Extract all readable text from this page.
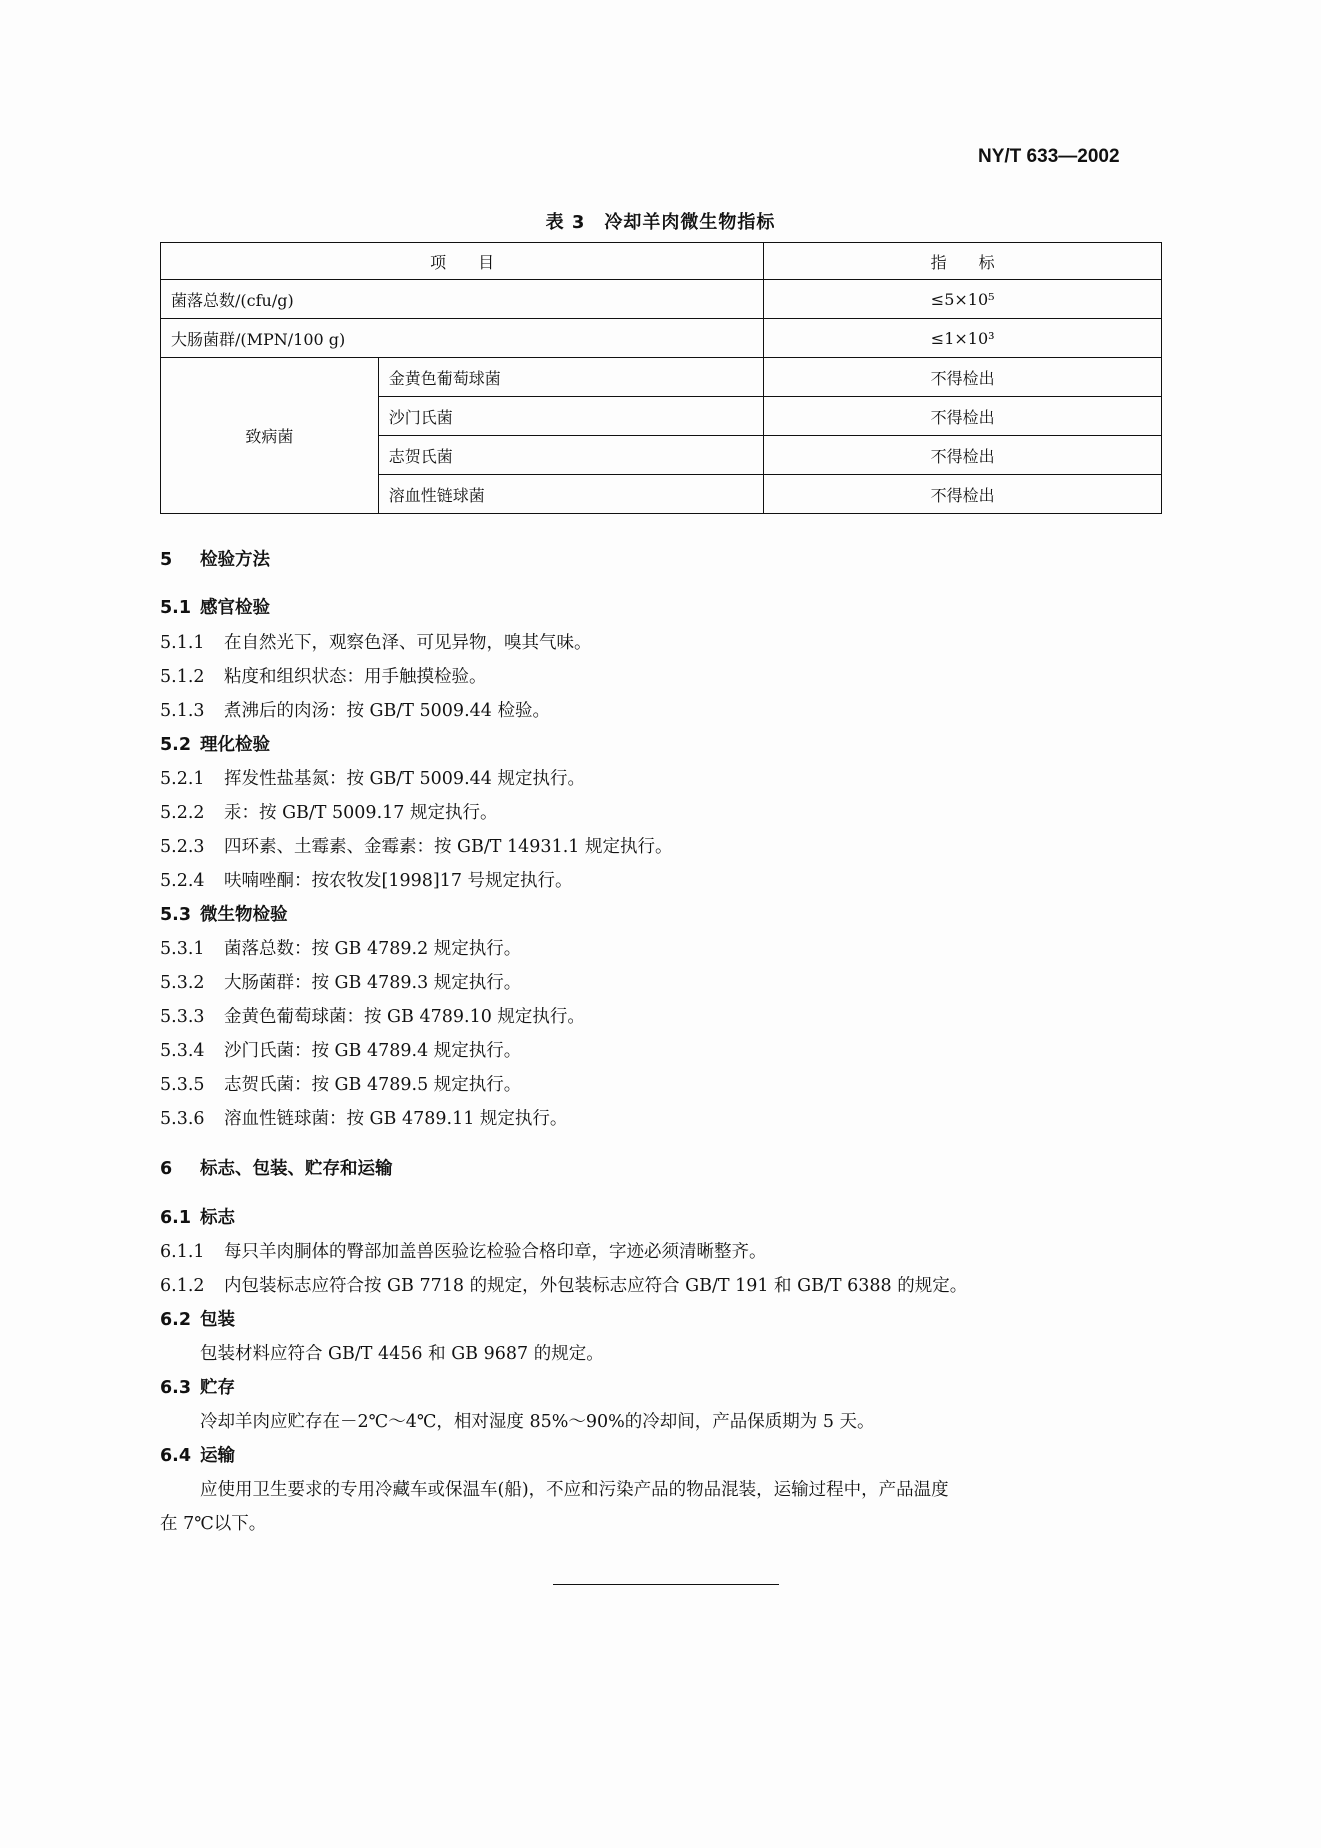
NY/T 633—2002
表 3　冷却羊肉微生物指标
项　　目		指　　标
菌落总数/(cfu/g)		≤5×10⁵
大肠菌群/(MPN/100 g)		≤1×10³
致病菌	金黄色葡萄球菌	不得检出
	沙门氏菌	不得检出
	志贺氏菌	不得检出
	溶血性链球菌	不得检出
5 检验方法
5.1 感官检验
5.1.1 在自然光下，观察色泽、可见异物，嗅其气味。
5.1.2 粘度和组织状态：用手触摸检验。
5.1.3 煮沸后的肉汤：按 GB/T 5009.44 检验。
5.2 理化检验
5.2.1 挥发性盐基氮：按 GB/T 5009.44 规定执行。
5.2.2 汞：按 GB/T 5009.17 规定执行。
5.2.3 四环素、土霉素、金霉素：按 GB/T 14931.1 规定执行。
5.2.4 呋喃唑酮：按农牧发[1998]17 号规定执行。
5.3 微生物检验
5.3.1 菌落总数：按 GB 4789.2 规定执行。
5.3.2 大肠菌群：按 GB 4789.3 规定执行。
5.3.3 金黄色葡萄球菌：按 GB 4789.10 规定执行。
5.3.4 沙门氏菌：按 GB 4789.4 规定执行。
5.3.5 志贺氏菌：按 GB 4789.5 规定执行。
5.3.6 溶血性链球菌：按 GB 4789.11 规定执行。
6 标志、包装、贮存和运输
6.1 标志
6.1.1 每只羊肉胴体的臀部加盖兽医验讫检验合格印章，字迹必须清晰整齐。
6.1.2 内包装标志应符合按 GB 7718 的规定，外包装标志应符合 GB/T 191 和 GB/T 6388 的规定。
6.2 包装
包装材料应符合 GB/T 4456 和 GB 9687 的规定。
6.3 贮存
冷却羊肉应贮存在－2℃～4℃，相对湿度 85%～90%的冷却间，产品保质期为 5 天。
6.4 运输
应使用卫生要求的专用冷藏车或保温车(船)，不应和污染产品的物品混装，运输过程中，产品温度
在 7℃以下。
